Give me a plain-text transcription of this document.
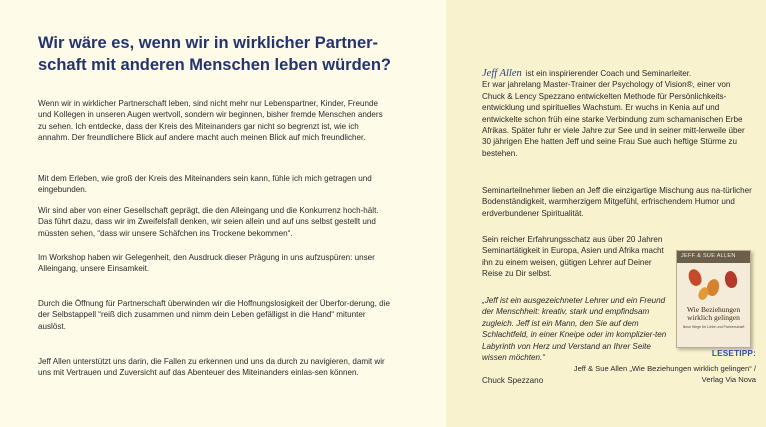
Wir wäre es, wenn wir in wirklicher Partner-
schaft mit anderen Menschen leben würden?

Wenn wir in wirklicher Partnerschaft leben, sind nicht mehr nur Lebenspartner, Kinder, Freunde und Kollegen in unseren Augen wertvoll, sondern wir beginnen, bisher fremde Menschen anders zu sehen. Ich entdecke, dass der Kreis des Miteinanders gar nicht so begrenzt ist, wie ich annahm. Der freundlichere Blick auf andere macht auch meinen Blick auf mich freundlicher.

Mit dem Erleben, wie groß der Kreis des Miteinanders sein kann, fühle ich mich getragen und eingebunden.

Wir sind aber von einer Gesellschaft geprägt, die den Alleingang und die Konkurrenz hoch-hält. Das führt dazu, dass wir im Zweifelsfall denken, wir seien allein und auf uns selbst gestellt und müssten sehen, “dass wir unsere Schäfchen ins Trockene bekommen“.

Im Workshop haben wir Gelegenheit, den Ausdruck dieser Prägung in uns aufzuspüren: unser Alleingang, unsere Einsamkeit.

Durch die Öffnung für Partnerschaft überwinden wir die Hoffnungslosigkeit der Überfor-derung, die der Selbstappell “reiß dich zusammen und nimm dein Leben gefälligst in die Hand“ mitunter auslöst.

Jeff Allen unterstützt uns darin, die Fallen zu erkennen und uns da durch zu navigieren, damit wir uns mit Vertrauen und Zuversicht auf das Abenteuer des Miteinanders einlas-sen können.

Jeff Allen ist ein inspirierender Coach und Seminarleiter.
Er war jahrelang Master-Trainer der Psychology of Vision®, einer von Chuck & Lency Spezzano entwickelten Methode für Persönlichkeits-entwicklung und spirituelles Wachstum. Er wuchs in Kenia auf und entwickelte schon früh eine starke Verbindung zum schamanischen Erbe Afrikas. Später fuhr er viele Jahre zur See und in seiner mitt-lerweile über 30 jährigen Ehe hatten Jeff und seine Frau Sue auch heftige Stürme zu bestehen.

Seminarteilnehmer lieben an Jeff die einzigartige Mischung aus na-türlicher Bodenständigkeit, warmherzigem Mitgefühl, erfrischendem Humor und erdverbundener Spiritualität.

Sein reicher Erfahrungsschatz aus über 20 Jahren Seminartätigkeit in Europa, Asien und Afrika macht ihn zu einem weisen, gütigen Lehrer auf Deiner Reise zu Dir selbst.

„Jeff ist ein ausgezeichneter Lehrer und ein Freund der Menschheit: kreativ, stark und empfindsam zugleich. Jeff ist ein Mann, den Sie auf dem Schlachtfeld, in einer Kneipe oder im komplizier-ten Labyrinth von Herz und Verstand an Ihrer Seite wissen möchten.“

Chuck Spezzano

JEFF & SUE ALLEN
Wie Beziehungen wirklich gelingen
Neue Wege für Liebe und Partnerschaft
LESETIPP:
Jeff & Sue Allen „Wie Beziehungen wirklich gelingen“ / Verlag Via Nova
